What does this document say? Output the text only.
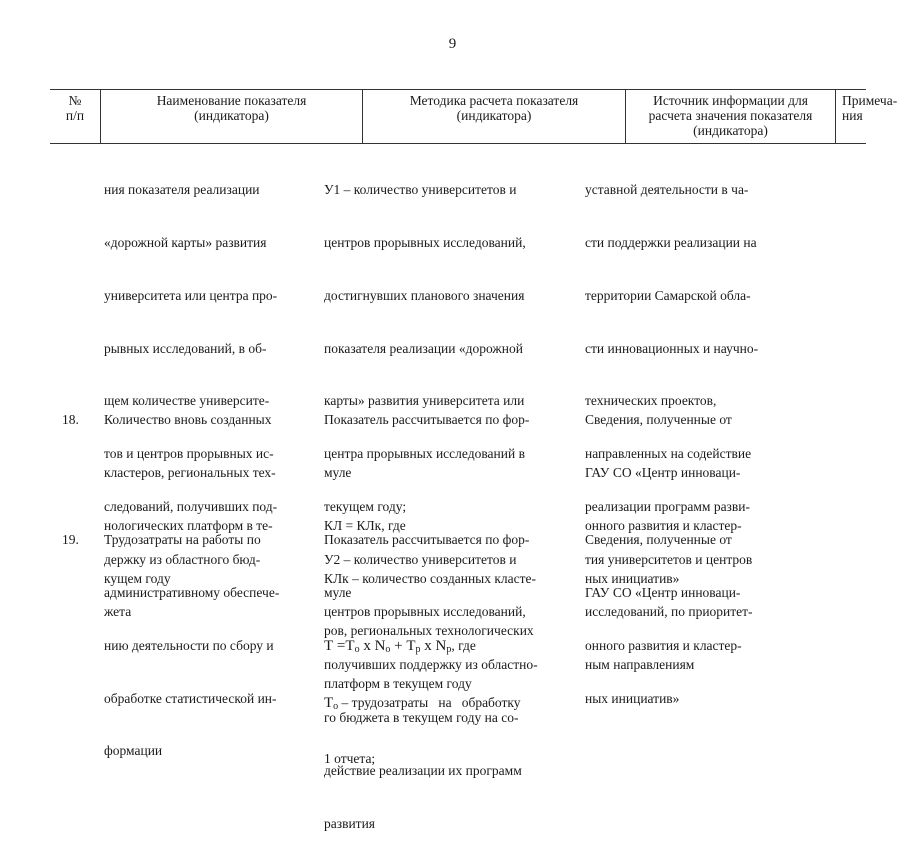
9
№
п/п
Наименование показателя
(индикатора)
Методика расчета показателя
(индикатора)
Источник информации для
расчета значения показателя
(индикатора)
Примеча-
ния

ния показателя реализации

«дорожной карты» развития

университета или центра про-

рывных исследований, в об-

щем количестве университе-

тов и центров прорывных ис-

следований, получивших под-

держку из областного бюд-

жета

У1 – количество университетов и

центров прорывных исследований,

достигнувших планового значения

показателя реализации «дорожной

карты» развития университета или

центра прорывных исследований в

текущем году;

У2 – количество университетов и

центров прорывных исследований,

получивших поддержку из областно-

го бюджета в текущем году на со-

действие реализации их программ

развития

уставной деятельности в ча-

сти поддержки реализации на

территории Самарской обла-

сти инновационных и научно-

технических проектов,

направленных на содействие

реализации программ разви-

тия университетов и центров

исследований, по приоритет-

ным направлениям

18.

Количество вновь созданных

кластеров, региональных тех-

нологических платформ в те-

кущем году

Показатель рассчитывается по фор-

муле

КЛ = КЛк, где

КЛк – количество созданных класте-

ров, региональных технологических

платформ в текущем году

Сведения, полученные от

ГАУ СО «Центр инноваци-

онного развития и кластер-

ных инициатив»

19.

Трудозатраты на работы по

административному обеспече-

нию деятельности по сбору и

обработке статистической ин-

формации

Показатель рассчитывается по фор-

муле

$Т =Т_о$ x $N_о + Т_р$ x $N_р$, где

$Т_о$ – трудозатраты   на   обработку

1 отчета;

Сведения, полученные от

ГАУ СО «Центр инноваци-

онного развития и кластер-

ных инициатив»
